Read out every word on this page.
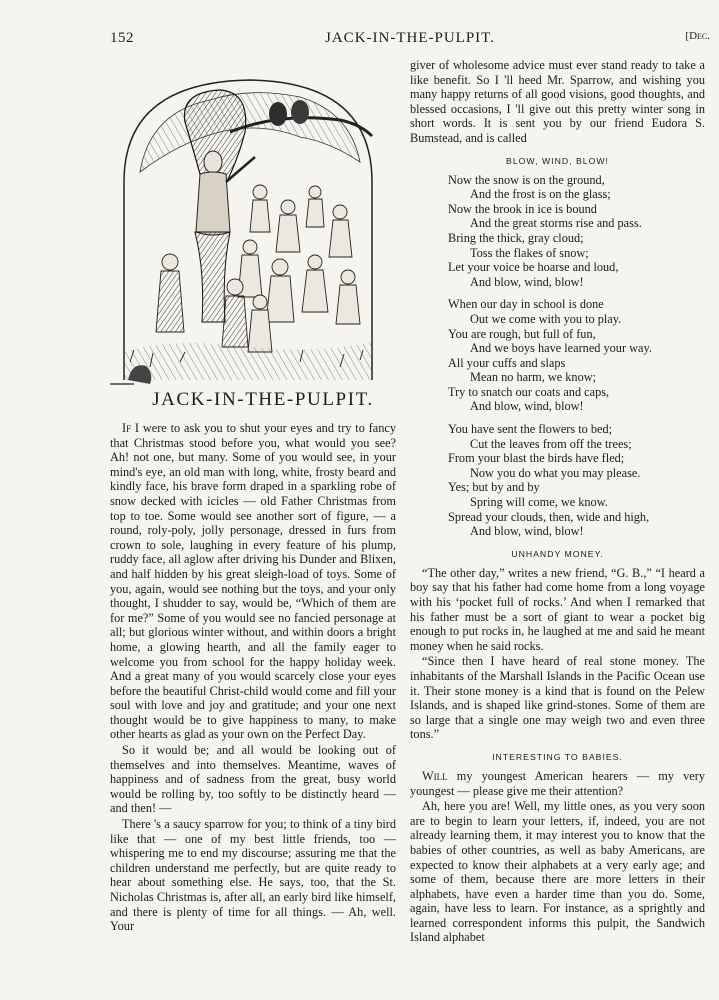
152	JACK-IN-THE-PULPIT.	[Dec.
JACK-IN-THE-PULPIT.

If I were to ask you to shut your eyes and try to fancy that Christmas stood before you, what would you see? Ah! not one, but many. Some of you would see, in your mind's eye, an old man with long, white, frosty beard and kindly face, his brave form draped in a sparkling robe of snow decked with icicles — old Father Christmas from top to toe. Some would see another sort of figure, — a round, roly-poly, jolly personage, dressed in furs from crown to sole, laughing in every feature of his plump, ruddy face, all aglow after driving his Dunder and Blixen, and half hidden by his great sleigh-load of toys. Some of you, again, would see nothing but the toys, and your only thought, I shudder to say, would be, “Which of them are for me?” Some of you would see no fancied personage at all; but glorious winter without, and within doors a bright home, a glowing hearth, and all the family eager to welcome you from school for the happy holiday week. And a great many of you would scarcely close your eyes before the beautiful Christ-child would come and fill your soul with love and joy and gratitude; and your one next thought would be to give happiness to many, to make other hearts as glad as your own on the Perfect Day.

So it would be; and all would be looking out of themselves and into themselves. Meantime, waves of happiness and of sadness from the great, busy world would be rolling by, too softly to be distinctly heard — and then! —

There 's a saucy sparrow for you; to think of a tiny bird like that — one of my best little friends, too — whispering me to end my discourse; assuring me that the children understand me perfectly, but are quite ready to hear about something else. He says, too, that the St. Nicholas Christmas is, after all, an early bird like himself, and there is plenty of time for all things. — Ah, well. Your

giver of wholesome advice must ever stand ready to take a like benefit. So I 'll heed Mr. Sparrow, and wishing you many happy returns of all good visions, good thoughts, and blessed occasions, I 'll give out this pretty winter song in short words. It is sent you by our friend Eudora S. Bumstead, and is called

BLOW, WIND, BLOW!
Now the snow is on the ground,
And the frost is on the glass;
Now the brook in ice is bound
And the great storms rise and pass.
Bring the thick, gray cloud;
Toss the flakes of snow;
Let your voice be hoarse and loud,
And blow, wind, blow!
When our day in school is done
Out we come with you to play.
You are rough, but full of fun,
And we boys have learned your way.
All your cuffs and slaps
Mean no harm, we know;
Try to snatch our coats and caps,
And blow, wind, blow!
You have sent the flowers to bed;
Cut the leaves from off the trees;
From your blast the birds have fled;
Now you do what you may please.
Yes; but by and by
Spring will come, we know.
Spread your clouds, then, wide and high,
And blow, wind, blow!
UNHANDY MONEY.

“The other day,” writes a new friend, “G. B.,” “I heard a boy say that his father had come home from a long voyage with his ‘pocket full of rocks.’ And when I remarked that his father must be a sort of giant to wear a pocket big enough to put rocks in, he laughed at me and said he meant money when he said rocks.

“Since then I have heard of real stone money. The inhabitants of the Marshall Islands in the Pacific Ocean use it. Their stone money is a kind that is found on the Pelew Islands, and is shaped like grind-stones. Some of them are so large that a single one may weigh two and even three tons.”

INTERESTING TO BABIES.

Will my youngest American hearers — my very youngest — please give me their attention?

Ah, here you are! Well, my little ones, as you very soon are to begin to learn your letters, if, indeed, you are not already learning them, it may interest you to know that the babies of other countries, as well as baby Americans, are expected to know their alphabets at a very early age; and some of them, because there are more letters in their alphabets, have even a harder time than you do. Some, again, have less to learn. For instance, as a sprightly and learned correspondent informs this pulpit, the Sandwich Island alphabet
